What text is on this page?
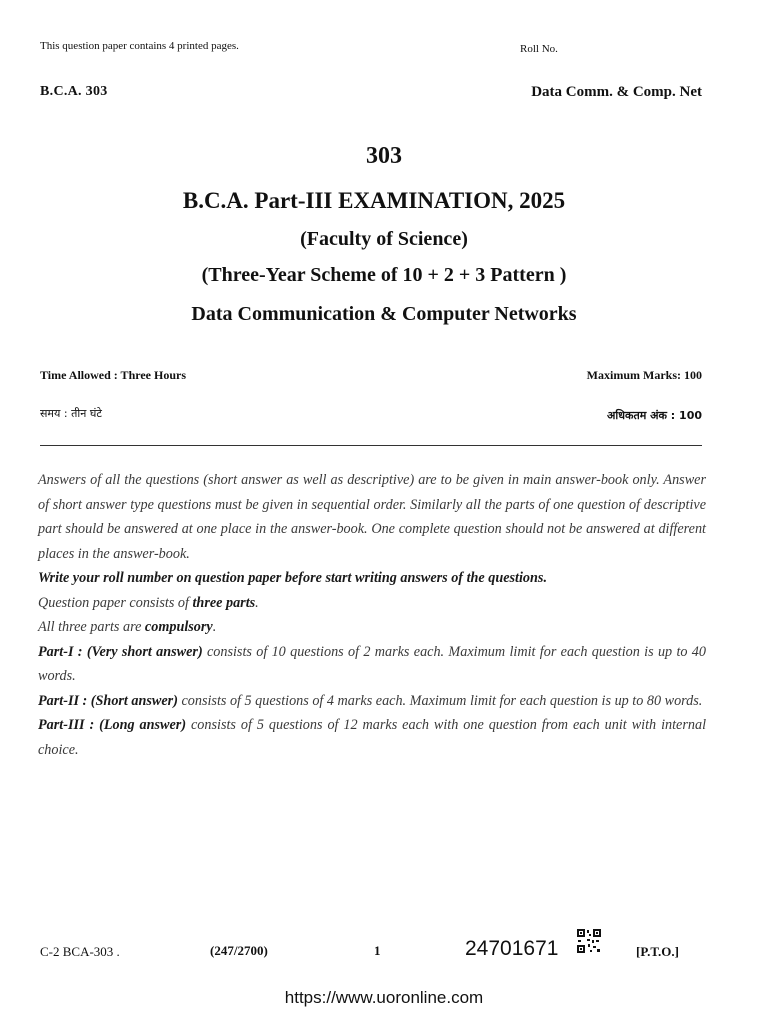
This question paper contains 4 printed pages.	Roll No.
B.C.A. 303	Data Comm. & Comp. Net
303
B.C.A. Part-III EXAMINATION, 2025
(Faculty of Science)
(Three-Year Scheme of 10 + 2 + 3 Pattern )
Data Communication & Computer Networks
Time Allowed : Three Hours	Maximum Marks: 100
समय : तीन घंटे	अधिकतम अंक : 100

Answers of all the questions (short answer as well as descriptive) are to be given in main answer-book only. Answer of short answer type questions must be given in sequential order. Similarly all the parts of one question of descriptive part should be answered at one place in the answer-book. One complete question should not be answered at different places in the answer-book.

Write your roll number on question paper before start writing answers of the questions.

Question paper consists of three parts.

All three parts are compulsory.

Part-I : (Very short answer) consists of 10 questions of 2 marks each. Maximum limit for each question is up to 40 words.

Part-II : (Short answer) consists of 5 questions of 4 marks each. Maximum limit for each question is up to 80 words.

Part-III : (Long answer) consists of 5 questions of 12 marks each with one question from each unit with internal choice.

C-2 BCA-303 .	(247/2700)	1	24701671	[P.T.O.]
https://www.uoronline.com
